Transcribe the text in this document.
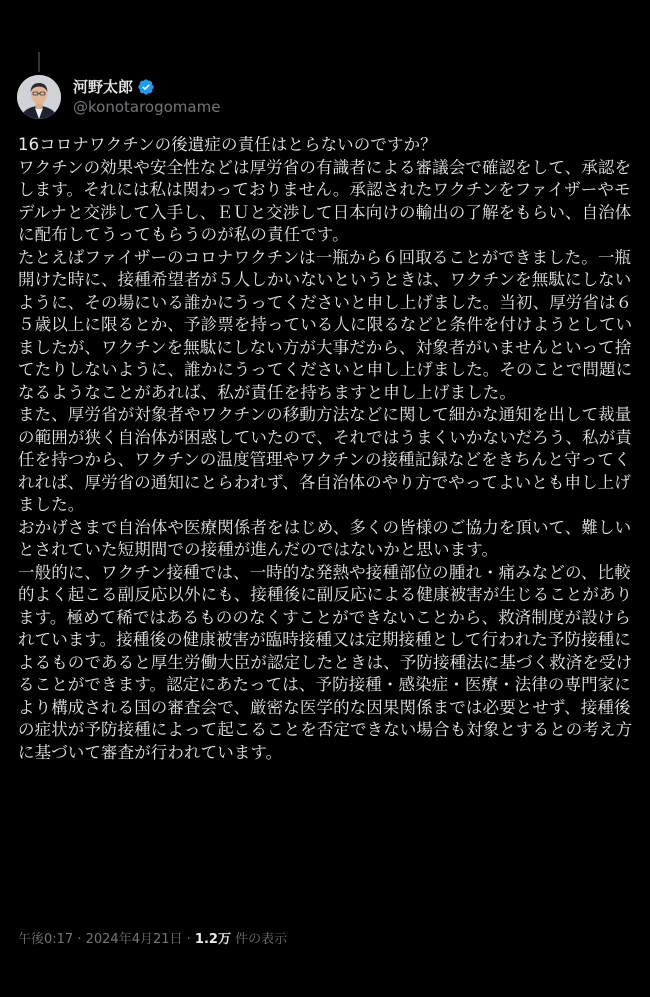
河野太郎
@konotarogomame
16コロナワクチンの後遺症の責任はとらないのですか？
ワクチンの効果や安全性などは厚労省の有識者による審議会で確認をして、承認をします。それには私は関わっておりません。承認されたワクチンをファイザーやモデルナと交渉して入手し、ＥＵと交渉して日本向けの輸出の了解をもらい、自治体に配布してうってもらうのが私の責任です。
たとえばファイザーのコロナワクチンは一瓶から６回取ることができました。一瓶開けた時に、接種希望者が５人しかいないというときは、ワクチンを無駄にしないように、その場にいる誰かにうってくださいと申し上げました。当初、厚労省は６５歳以上に限るとか、予診票を持っている人に限るなどと条件を付けようとしていましたが、ワクチンを無駄にしない方が大事だから、対象者がいませんといって捨てたりしないように、誰かにうってくださいと申し上げました。そのことで問題になるようなことがあれば、私が責任を持ちますと申し上げました。
また、厚労省が対象者やワクチンの移動方法などに関して細かな通知を出して裁量の範囲が狭く自治体が困惑していたので、それではうまくいかないだろう、私が責任を持つから、ワクチンの温度管理やワクチンの接種記録などをきちんと守ってくれれば、厚労省の通知にとらわれず、各自治体のやり方でやってよいとも申し上げました。
おかげさまで自治体や医療関係者をはじめ、多くの皆様のご協力を頂いて、難しいとされていた短期間での接種が進んだのではないかと思います。
一般的に、ワクチン接種では、一時的な発熱や接種部位の腫れ・痛みなどの、比較的よく起こる副反応以外にも、接種後に副反応による健康被害が生じることがあります。極めて稀ではあるもののなくすことができないことから、救済制度が設けられています。接種後の健康被害が臨時接種又は定期接種として行われた予防接種によるものであると厚生労働大臣が認定したときは、予防接種法に基づく救済を受けることができます。認定にあたっては、予防接種・感染症・医療・法律の専門家により構成される国の審査会で、厳密な医学的な因果関係までは必要とせず、接種後の症状が予防接種によって起こることを否定できない場合も対象とするとの考え方に基づいて審査が行われています。
午後0:17 · 2024年4月21日 · 1.2万 件の表示
